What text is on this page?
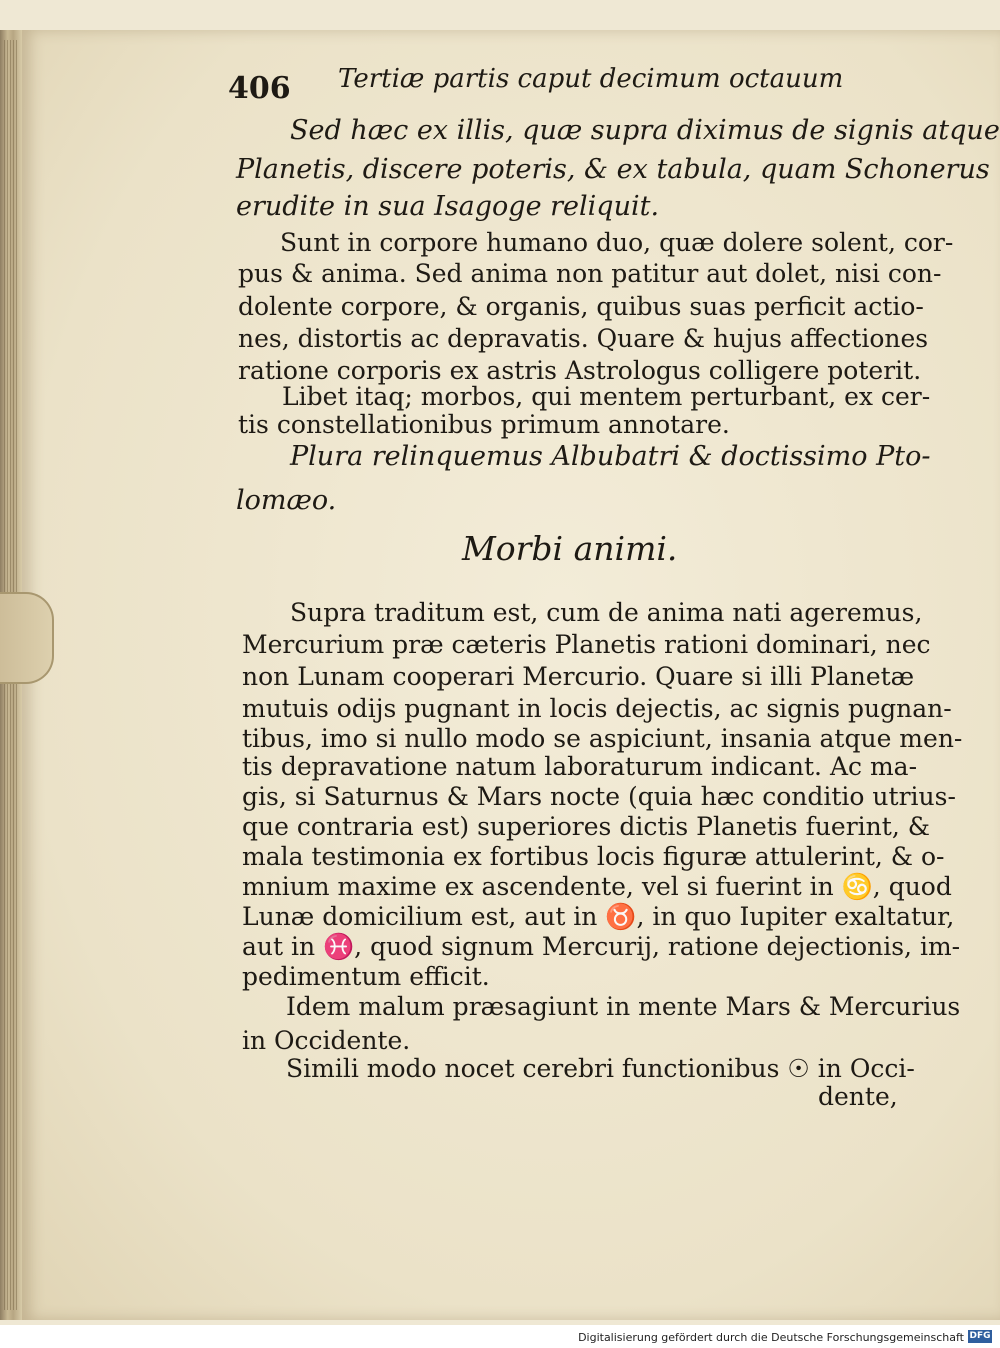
406 Tertiæ partis caput decimum octauum
Sed hæc ex illis, quæ supra diximus de signis atque
Planetis, discere poteris, & ex tabula, quam Schonerus
erudite in sua Isagoge reliquit.
Sunt in corpore humano duo, quæ dolere solent, cor-
pus & anima. Sed anima non patitur aut dolet, nisi con-
dolente corpore, & organis, quibus suas perficit actio-
nes, distortis ac depravatis. Quare & hujus affectiones
ratione corporis ex astris Astrologus colligere poterit.
Libet itaq; morbos, qui mentem perturbant, ex cer-
tis constellationibus primum annotare.
Plura relinquemus Albubatri & doctissimo Pto-
lomæo.
Morbi animi.
Supra traditum est, cum de anima nati ageremus,
Mercurium præ cæteris Planetis rationi dominari, nec
non Lunam cooperari Mercurio. Quare si illi Planetæ
mutuis odijs pugnant in locis dejectis, ac signis pugnan-
tibus, imo si nullo modo se aspiciunt, insania atque men-
tis depravatione natum laboraturum indicant. Ac ma-
gis, si Saturnus & Mars nocte (quia hæc conditio utrius-
que contraria est) superiores dictis Planetis fuerint, &
mala testimonia ex fortibus locis figuræ attulerint, & o-
mnium maxime ex ascendente, vel si fuerint in ♋, quod
Lunæ domicilium est, aut in ♉, in quo Iupiter exaltatur,
aut in ♓, quod signum Mercurij, ratione dejectionis, im-
pedimentum efficit.
Idem malum præsagiunt in mente Mars & Mercurius
in Occidente.
Simili modo nocet cerebri functionibus ☉ in Occi-
dente,
Digitalisierung gefördert durch die Deutsche Forschungsgemeinschaft DFG
